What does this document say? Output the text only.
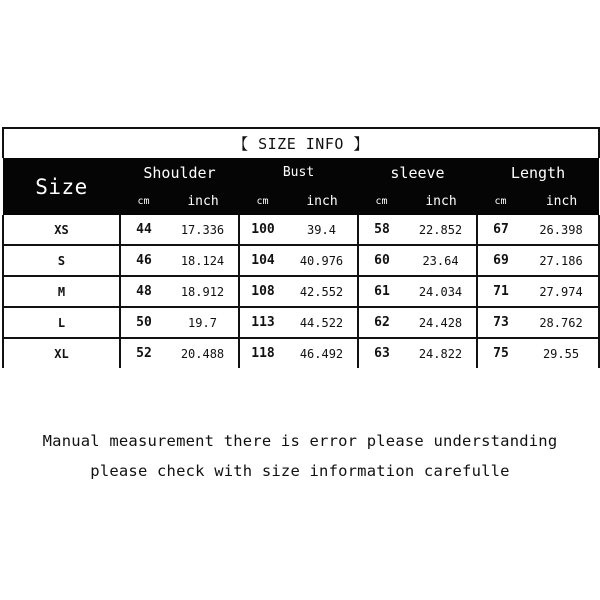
【 SIZE INFO 】								
Size	Shoulder		Bust		sleeve		Length	
	cm	inch	cm	inch	cm	inch	cm	inch
XS	44	17.336	100	39.4	58	22.852	67	26.398
S	46	18.124	104	40.976	60	23.64	69	27.186
M	48	18.912	108	42.552	61	24.034	71	27.974
L	50	19.7	113	44.522	62	24.428	73	28.762
XL	52	20.488	118	46.492	63	24.822	75	29.55
Manual measurement there is error please understanding
please check with size information carefulle
